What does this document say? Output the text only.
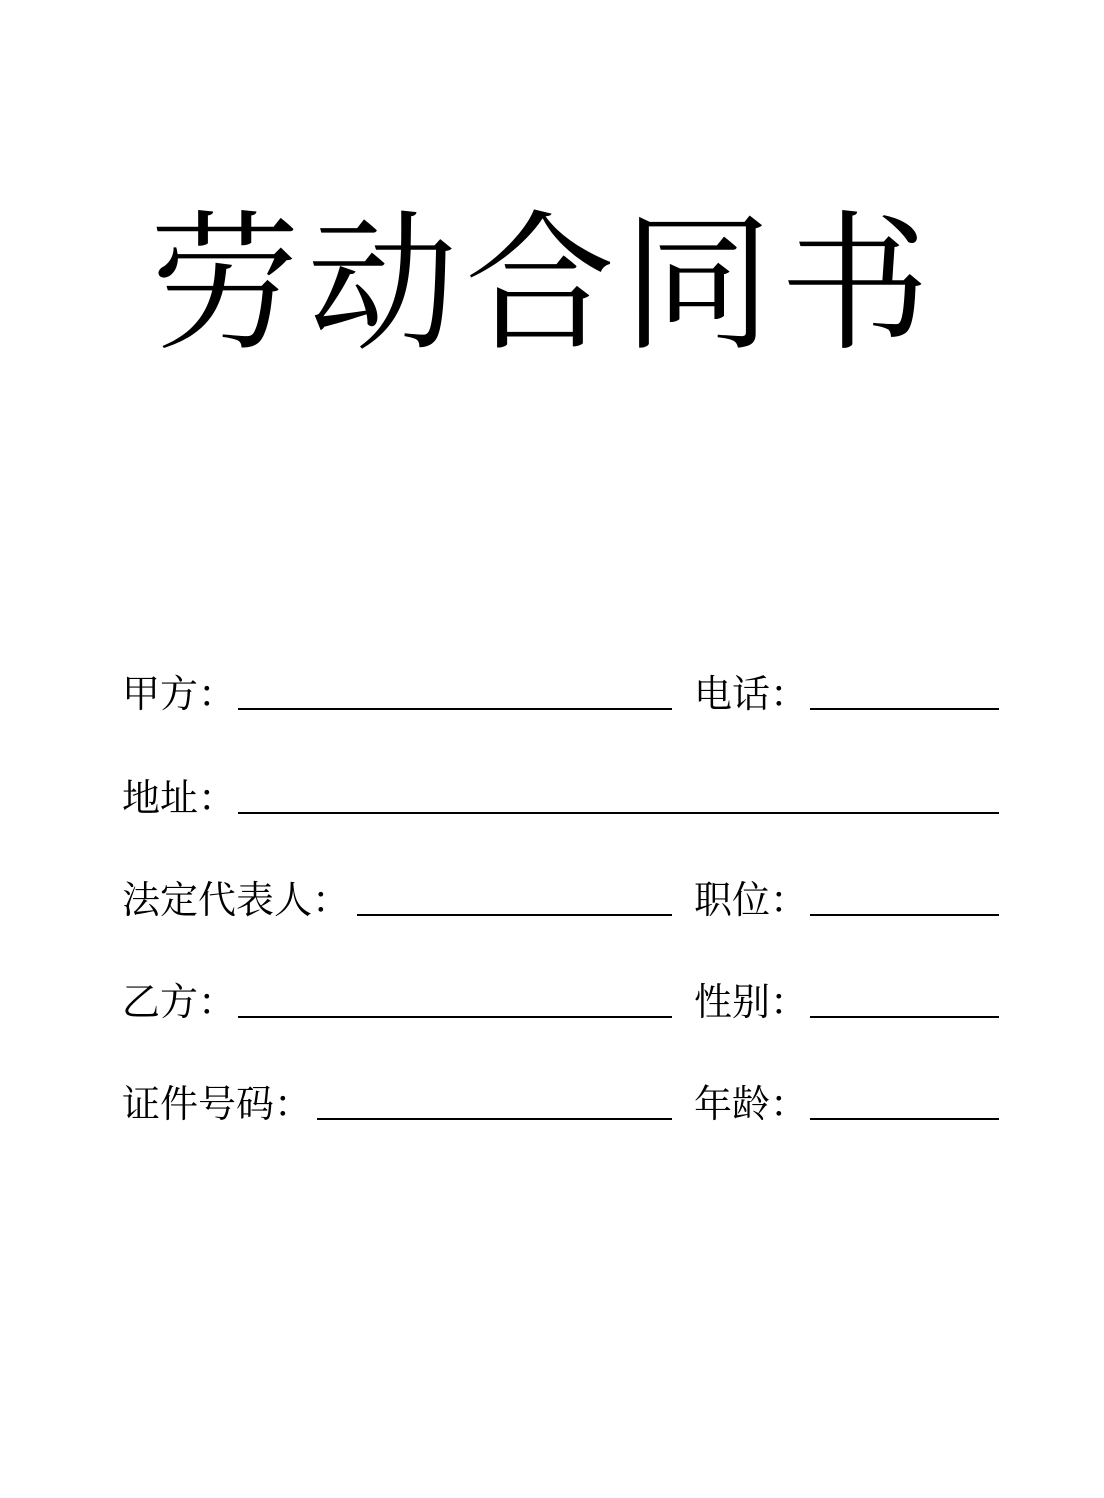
劳 动 合 同 书
甲方：	电话：
地址：
法定代表人：	职位：
乙方：	性别：
证件号码：	年龄：
